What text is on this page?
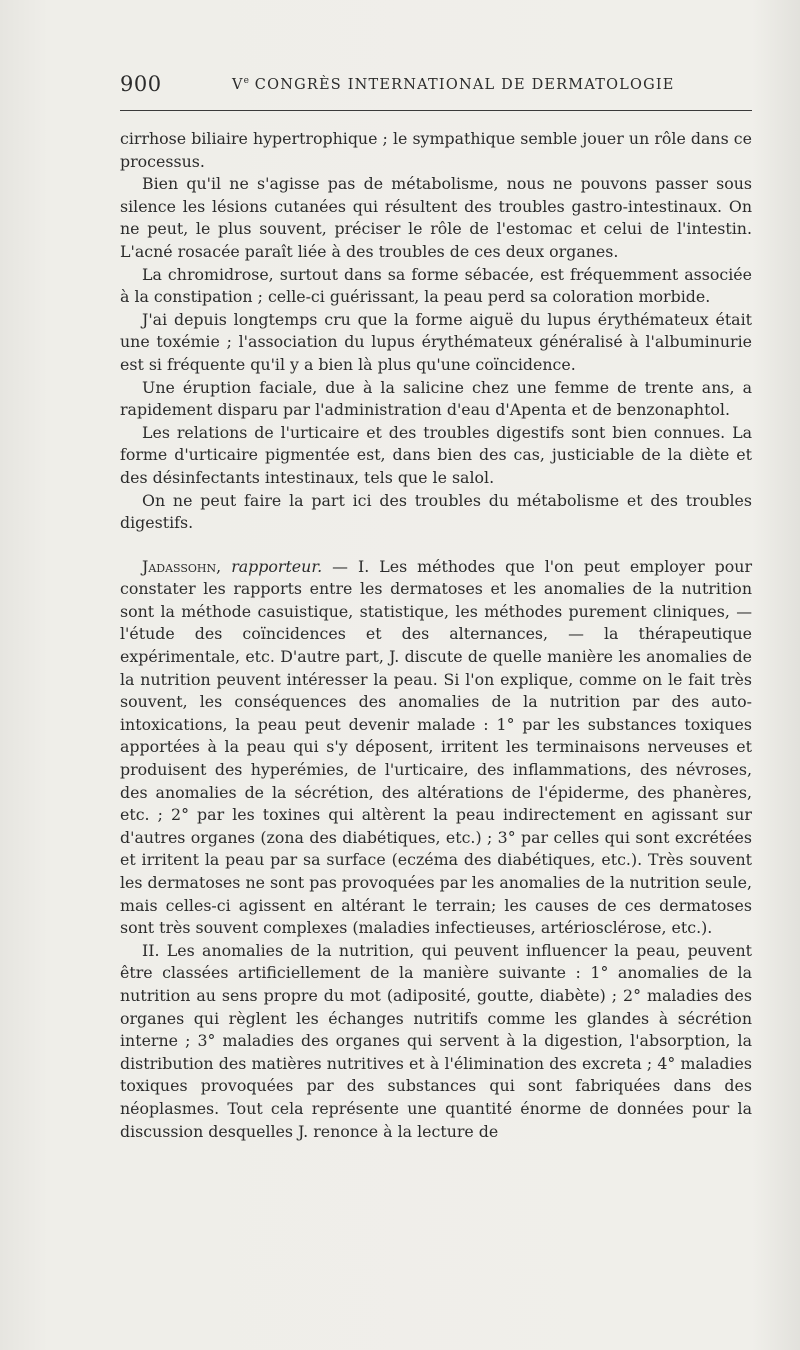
900	Ve CONGRÈS INTERNATIONAL DE DERMATOLOGIE

cirrhose biliaire hypertrophique ; le sympathique semble jouer un rôle dans ce processus.

Bien qu'il ne s'agisse pas de métabolisme, nous ne pouvons passer sous silence les lésions cutanées qui résultent des troubles gastro-intestinaux. On ne peut, le plus souvent, préciser le rôle de l'estomac et celui de l'intestin. L'acné rosacée paraît liée à des troubles de ces deux organes.

La chromidrose, surtout dans sa forme sébacée, est fréquemment associée à la constipation ; celle-ci guérissant, la peau perd sa coloration morbide.

J'ai depuis longtemps cru que la forme aiguë du lupus érythémateux était une toxémie ; l'association du lupus érythémateux généralisé à l'albuminurie est si fréquente qu'il y a bien là plus qu'une coïncidence.

Une éruption faciale, due à la salicine chez une femme de trente ans, a rapidement disparu par l'administration d'eau d'Apenta et de benzonaphtol.

Les relations de l'urticaire et des troubles digestifs sont bien connues. La forme d'urticaire pigmentée est, dans bien des cas, justiciable de la diète et des désinfectants intestinaux, tels que le salol.

On ne peut faire la part ici des troubles du métabolisme et des troubles digestifs.

Jadassohn, rapporteur. — I. Les méthodes que l'on peut employer pour constater les rapports entre les dermatoses et les anomalies de la nutrition sont la méthode casuistique, statistique, les méthodes purement cliniques, — l'étude des coïncidences et des alternances, — la thérapeutique expérimentale, etc. D'autre part, J. discute de quelle manière les anomalies de la nutrition peuvent intéresser la peau. Si l'on explique, comme on le fait très souvent, les conséquences des anomalies de la nutrition par des auto-intoxications, la peau peut devenir malade : 1° par les substances toxiques apportées à la peau qui s'y déposent, irritent les terminaisons nerveuses et produisent des hyperémies, de l'urticaire, des inflammations, des névroses, des anomalies de la sécrétion, des altérations de l'épiderme, des phanères, etc. ; 2° par les toxines qui altèrent la peau indirectement en agissant sur d'autres organes (zona des diabétiques, etc.) ; 3° par celles qui sont excrétées et irritent la peau par sa surface (eczéma des diabétiques, etc.). Très souvent les dermatoses ne sont pas provoquées par les anomalies de la nutrition seule, mais celles-ci agissent en altérant le terrain; les causes de ces dermatoses sont très souvent complexes (maladies infectieuses, artériosclérose, etc.).

II. Les anomalies de la nutrition, qui peuvent influencer la peau, peuvent être classées artificiellement de la manière suivante : 1° anomalies de la nutrition au sens propre du mot (adiposité, goutte, diabète) ; 2° maladies des organes qui règlent les échanges nutritifs comme les glandes à sécrétion interne ; 3° maladies des organes qui servent à la digestion, l'absorption, la distribution des matières nutritives et à l'élimination des excreta ; 4° maladies toxiques provoquées par des substances qui sont fabriquées dans des néoplasmes. Tout cela représente une quantité énorme de données pour la discussion desquelles J. renonce à la lecture de
